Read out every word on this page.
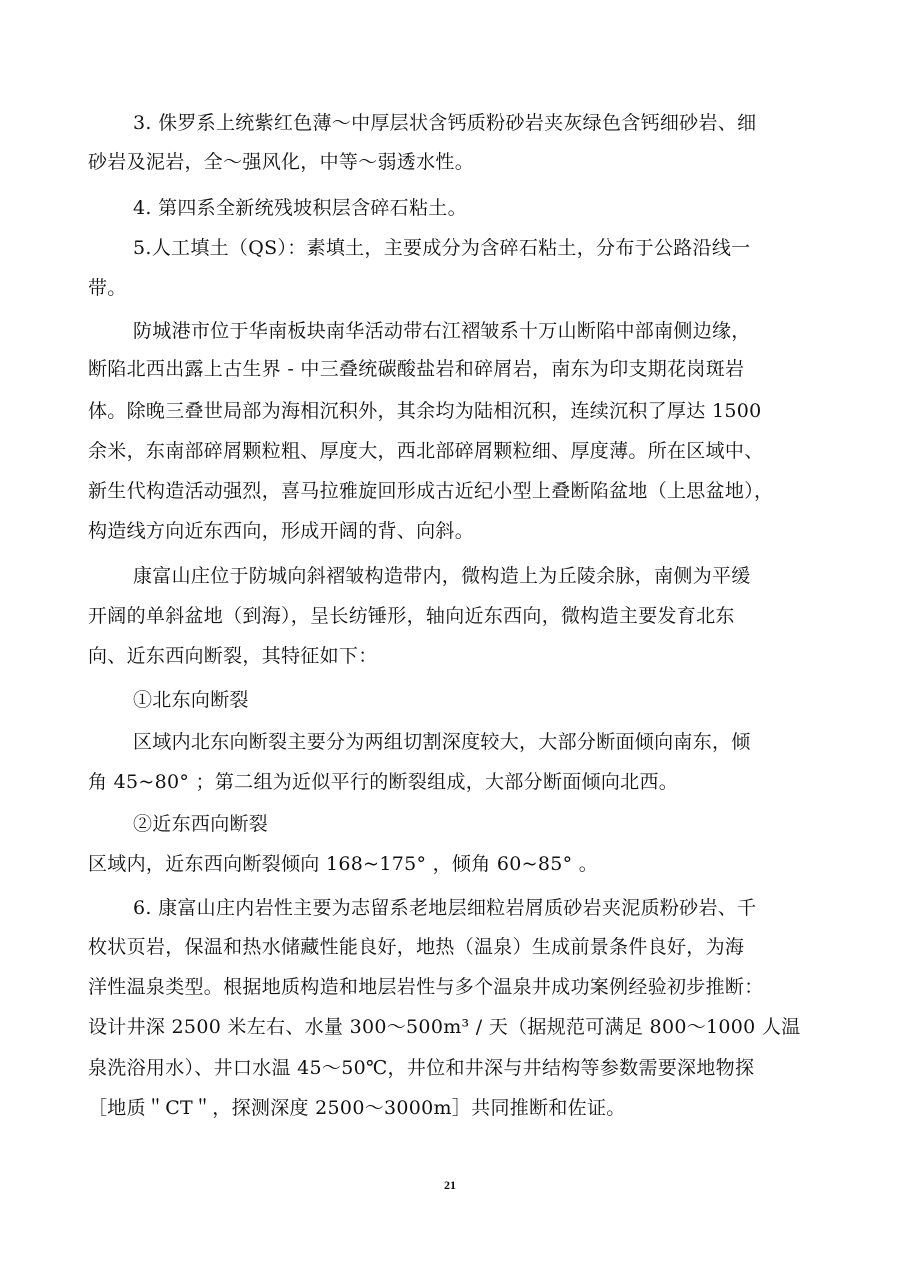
3. 侏罗系上统紫红色薄～中厚层状含钙质粉砂岩夹灰绿色含钙细砂岩、细
砂岩及泥岩，全～强风化，中等～弱透水性。
4. 第四系全新统残坡积层含碎石粘土。
5.人工填土（QS）：素填土，主要成分为含碎石粘土，分布于公路沿线一
带。
防城港市位于华南板块南华活动带右江褶皱系十万山断陷中部南侧边缘，
断陷北西出露上古生界 - 中三叠统碳酸盐岩和碎屑岩，南东为印支期花岗斑岩
体。除晚三叠世局部为海相沉积外，其余均为陆相沉积，连续沉积了厚达 1500
余米，东南部碎屑颗粒粗、厚度大，西北部碎屑颗粒细、厚度薄。所在区域中、
新生代构造活动强烈，喜马拉雅旋回形成古近纪小型上叠断陷盆地（上思盆地），
构造线方向近东西向，形成开阔的背、向斜。
康富山庄位于防城向斜褶皱构造带内，微构造上为丘陵余脉，南侧为平缓
开阔的单斜盆地（到海），呈长纺锤形，轴向近东西向，微构造主要发育北东
向、近东西向断裂，其特征如下：
①北东向断裂
区域内北东向断裂主要分为两组切割深度较大，大部分断面倾向南东，倾
角 45~80° ；第二组为近似平行的断裂组成，大部分断面倾向北西。
②近东西向断裂
区域内，近东西向断裂倾向 168~175° ，倾角 60~85° 。
6. 康富山庄内岩性主要为志留系老地层细粒岩屑质砂岩夹泥质粉砂岩、千
枚状页岩，保温和热水储藏性能良好，地热（温泉）生成前景条件良好，为海
洋性温泉类型。根据地质构造和地层岩性与多个温泉井成功案例经验初步推断：
设计井深 2500 米左右、水量 300～500m³ / 天（据规范可满足 800～1000 人温
泉洗浴用水）、井口水温 45～50℃，井位和井深与井结构等参数需要深地物探
［地质＂CT＂，探测深度 2500～3000m］共同推断和佐证。
21
